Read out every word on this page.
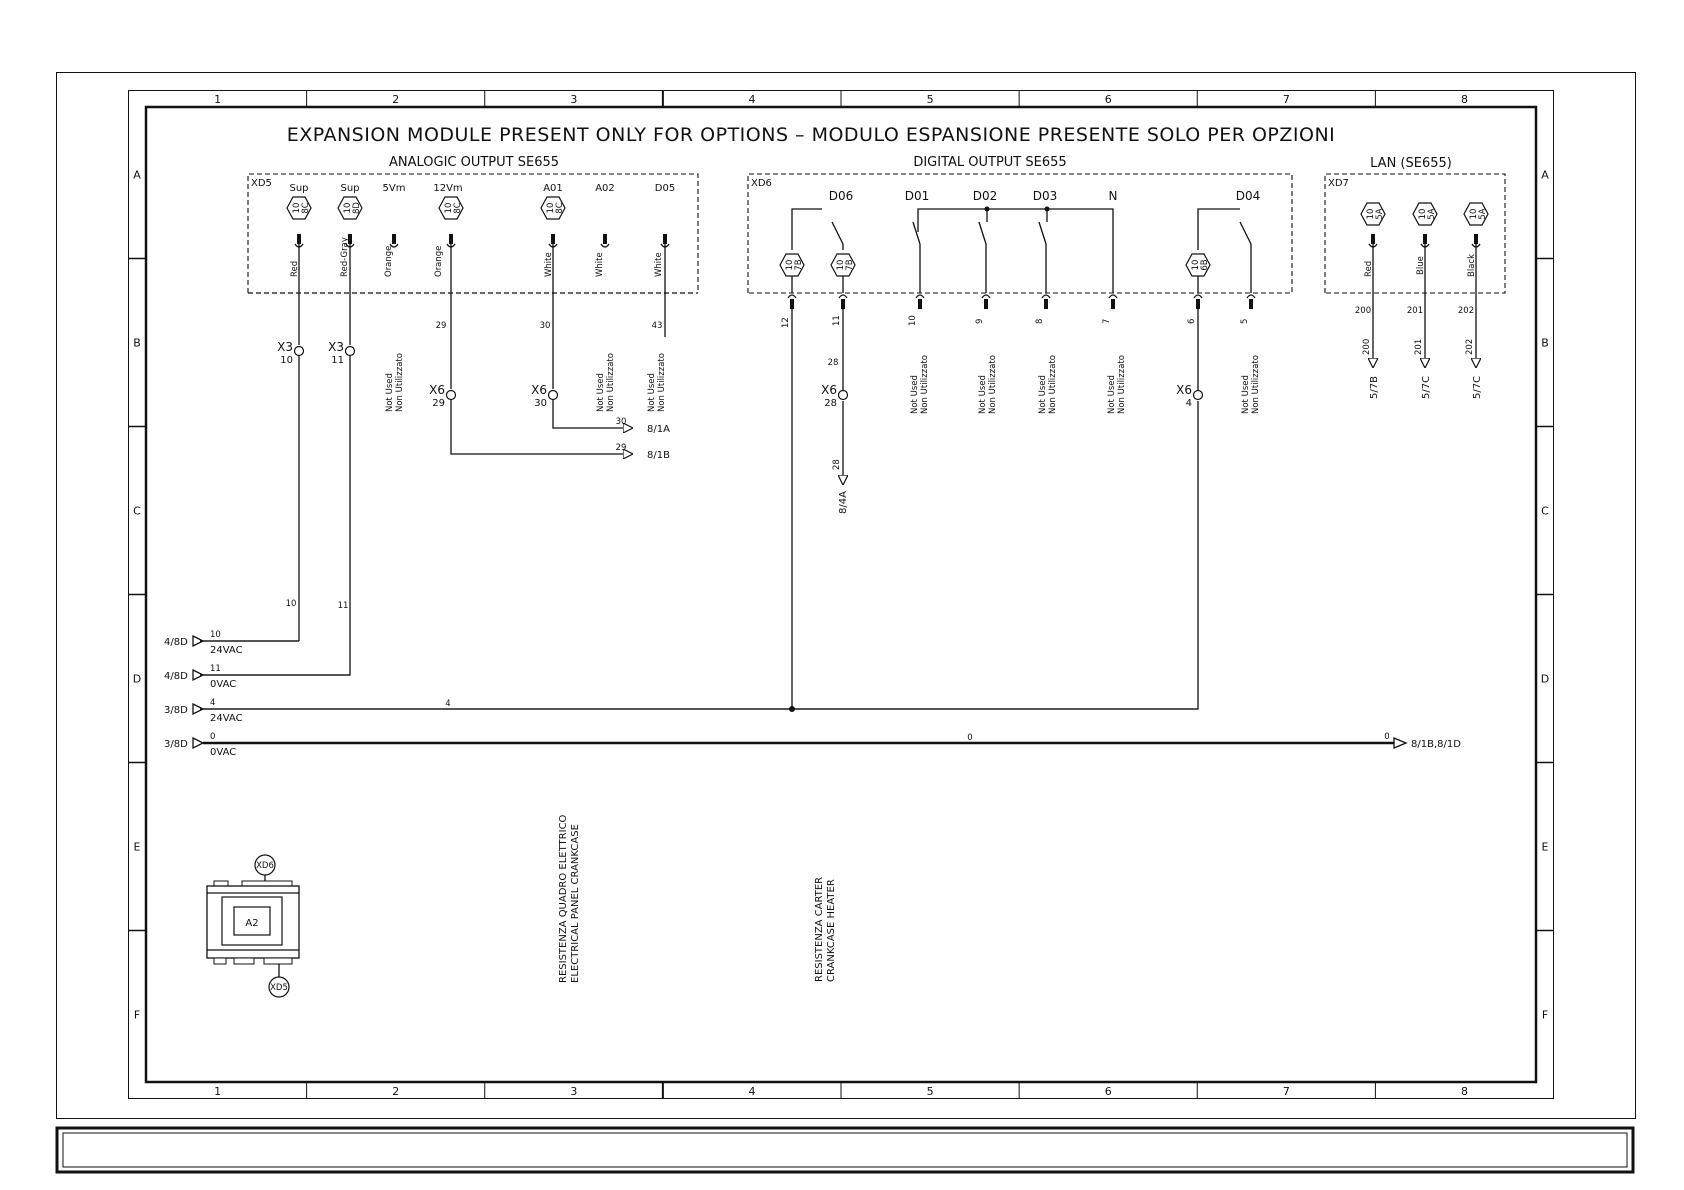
1	2	3	4	5	6	7	8
1	2	3	4	5	6	7	8
A
B
C
D
E
F
A
B
C
D
E
F
EXPANSION MODULE PRESENT ONLY FOR OPTIONS – MODULO ESPANSIONE PRESENTE SOLO PER OPZIONI
XD5
ANALOGIC OUTPUT SE655
XD6
DIGITAL OUTPUT SE655
XD7
LAN (SE655)
Sup	Sup 5Vm	12Vm	A01	A02	D05
10 8C	10 8D	10 8C	10 8C
Red	Red-Gray	Orange	Orange	White	White	White
X3
10
X3
11
X6
29
X6
30
29	30	43
10	11
30
29
8/1A
8/1B
Not Used Non Utilizzato	Not Used Non Utilizzato	Not Used Non Utilizzato
D06	D01	D02	D03	N	D04
10 7B	10 7B	10 6B
12	11	10	9	8	7	6	5
X6
28
X6
4
28
28
8/4A
Not Used Non Utilizzato	Not Used Non Utilizzato	Not Used Non Utilizzato	Not Used Non Utilizzato	Not Used Non Utilizzato
10 5A	10 5A	10 5A
Red	Blue	Black
200	201	202
200	201	202
5/7B	5/7C	5/7C
4/8D
10
24VAC
4/8D
11
0VAC
3/8D
4
24VAC
3/8D
0
0VAC
4
0	0
8/1B,8/1D
XD6
A2
XD5
RESISTENZA QUADRO ELETTRICO ELECTRICAL PANEL CRANKCASE	RESISTENZA CARTER CRANKCASE HEATER
